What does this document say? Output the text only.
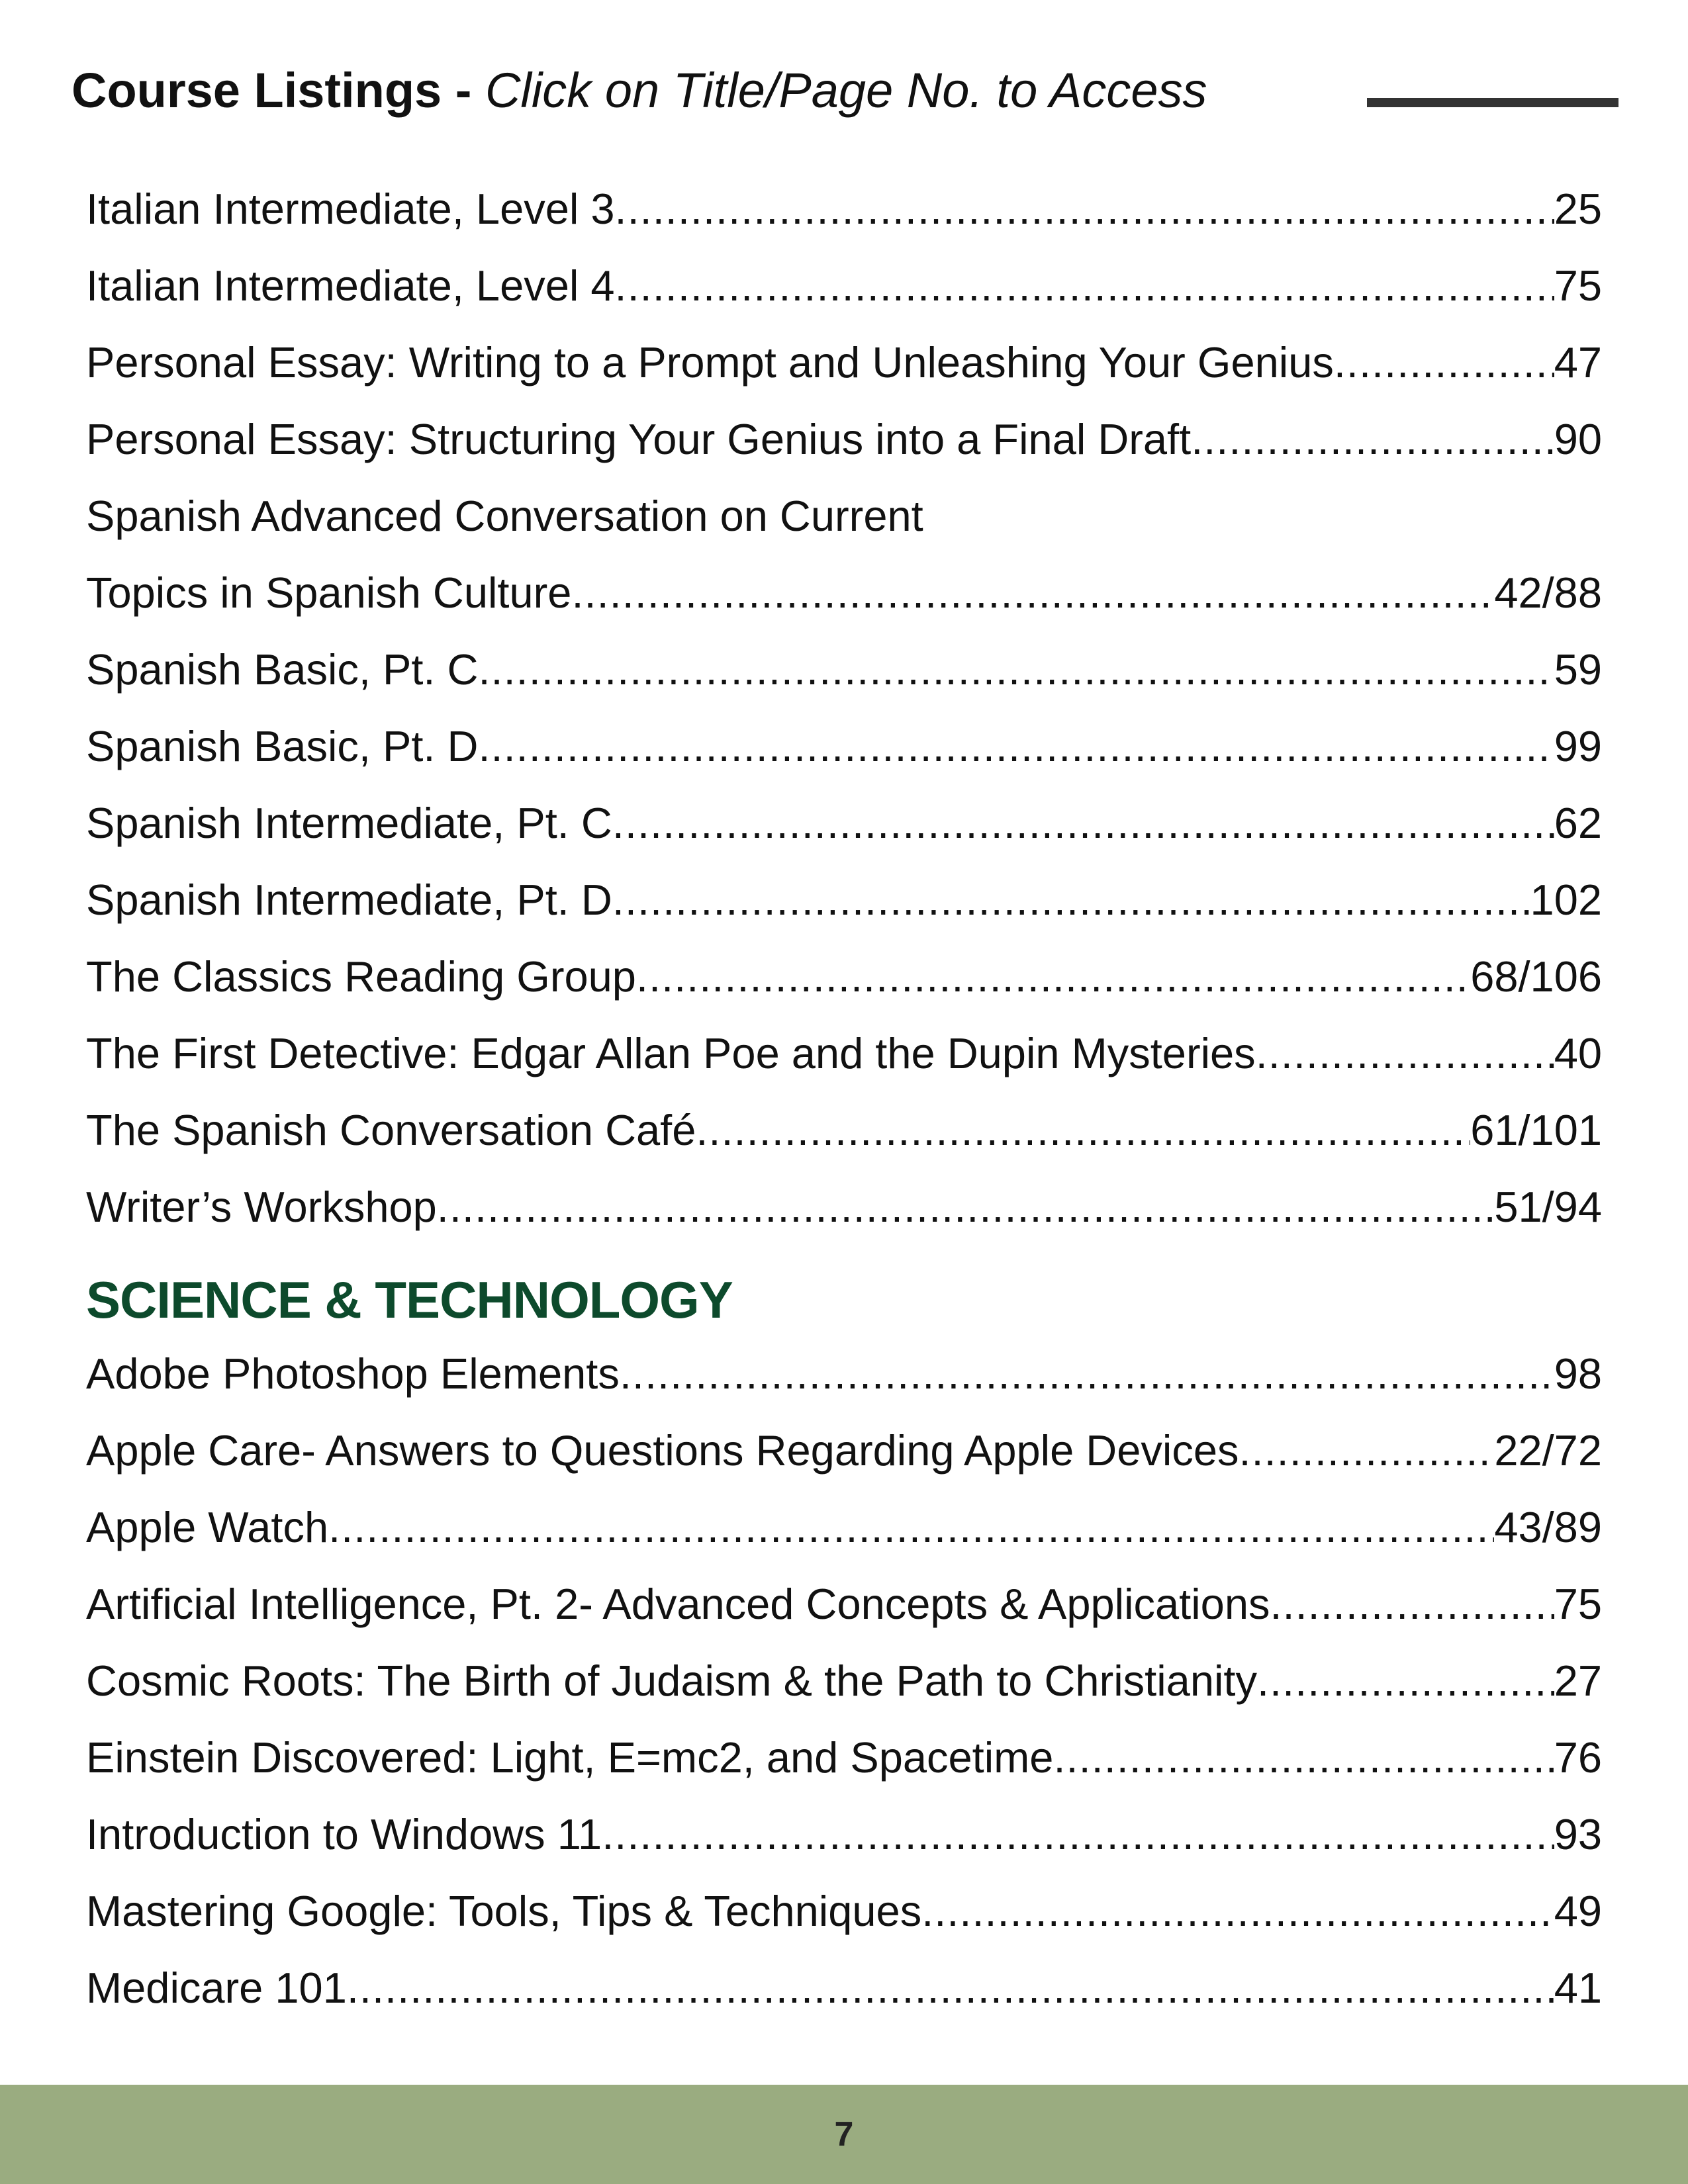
Course Listings - Click on Title/Page No. to Access
Italian Intermediate, Level 3 .....	25
Italian Intermediate, Level 4 .....	75
Personal Essay: Writing to a Prompt and Unleashing Your Genius .....	47
Personal Essay: Structuring Your Genius into a Final Draft .....	90
Spanish Advanced Conversation on Current
Topics in Spanish Culture .....	42/88
Spanish Basic, Pt. C .....	59
Spanish Basic, Pt. D .....	99
Spanish Intermediate, Pt. C .....	62
Spanish Intermediate, Pt. D .....	102
The Classics Reading Group .....	68/106
The First Detective: Edgar Allan Poe and the Dupin Mysteries .....	40
The Spanish Conversation Café .....	61/101
Writer’s Workshop .....	51/94
SCIENCE & TECHNOLOGY
Adobe Photoshop Elements .....	98
Apple Care- Answers to Questions Regarding Apple Devices .....	22/72
Apple Watch .....	43/89
Artificial Intelligence, Pt. 2- Advanced Concepts & Applications .....	75
Cosmic Roots: The Birth of Judaism & the Path to Christianity .....	27
Einstein Discovered: Light, E=mc2, and Spacetime .....	76
Introduction to Windows 11 .....	93
Mastering Google: Tools, Tips & Techniques .....	49
Medicare 101 .....	41
7
